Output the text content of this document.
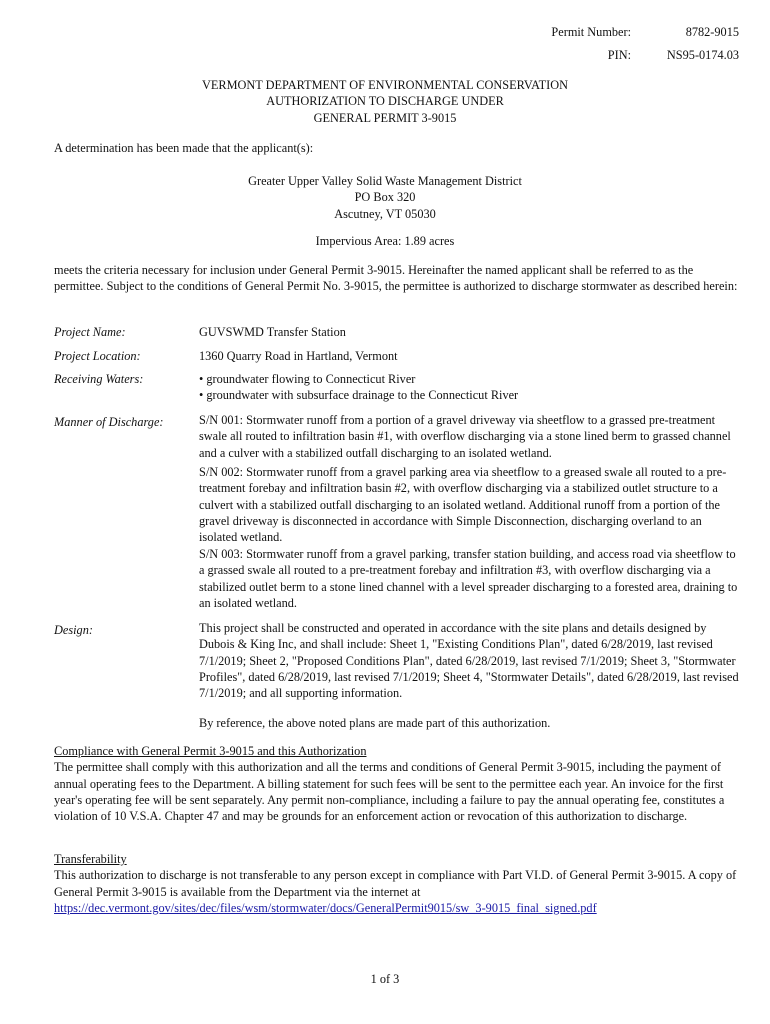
Permit Number:	8782-9015
PIN:	NS95-0174.03
VERMONT DEPARTMENT OF ENVIRONMENTAL CONSERVATION
AUTHORIZATION TO DISCHARGE UNDER
GENERAL PERMIT 3-9015
A determination has been made that the applicant(s):
Greater Upper Valley Solid Waste Management District
PO Box 320
Ascutney, VT 05030
Impervious Area: 1.89 acres
meets the criteria necessary for inclusion under General Permit 3-9015. Hereinafter the named applicant shall be referred to as the permittee. Subject to the conditions of General Permit No. 3-9015, the permittee is authorized to discharge stormwater as described herein:
Project Name:	GUVSWMD Transfer Station
Project Location:	1360 Quarry Road in Hartland, Vermont
Receiving Waters:	• groundwater flowing to Connecticut River
• groundwater with subsurface drainage to the Connecticut River
Manner of Discharge:	S/N 001: Stormwater runoff from a portion of a gravel driveway via sheetflow to a grassed pre-treatment swale all routed to infiltration basin #1, with overflow discharging via a stone lined berm to grassed channel and a culver with a stabilized outfall discharging to an isolated wetland.
S/N 002: Stormwater runoff from a gravel parking area via sheetflow to a greased swale all routed to a pre-treatment forebay and infiltration basin #2, with overflow discharging via a stabilized outlet structure to a culvert with a stabilized outfall discharging to an isolated wetland. Additional runoff from a portion of the gravel driveway is disconnected in accordance with Simple Disconnection, discharging overland to an isolated wetland.
S/N 003: Stormwater runoff from a gravel parking, transfer station building, and access road via sheetflow to a grassed swale all routed to a pre-treatment forebay and infiltration #3, with overflow discharging via a stabilized outlet berm to a stone lined channel with a level spreader discharging to a forested area, draining to an isolated wetland.
Design:	This project shall be constructed and operated in accordance with the site plans and details designed by Dubois & King Inc, and shall include: Sheet 1, "Existing Conditions Plan", dated 6/28/2019, last revised 7/1/2019; Sheet 2, "Proposed Conditions Plan", dated 6/28/2019, last revised 7/1/2019; Sheet 3, "Stormwater Profiles", dated 6/28/2019, last revised 7/1/2019; Sheet 4, "Stormwater Details", dated 6/28/2019, last revised 7/1/2019; and all supporting information.
By reference, the above noted plans are made part of this authorization.
Compliance with General Permit 3-9015 and this Authorization
The permittee shall comply with this authorization and all the terms and conditions of General Permit 3-9015, including the payment of annual operating fees to the Department. A billing statement for such fees will be sent to the permittee each year. An invoice for the first year's operating fee will be sent separately. Any permit non-compliance, including a failure to pay the annual operating fee, constitutes a violation of 10 V.S.A. Chapter 47 and may be grounds for an enforcement action or revocation of this authorization to discharge.
Transferability
This authorization to discharge is not transferable to any person except in compliance with Part VI.D. of General Permit 3-9015. A copy of General Permit 3-9015 is available from the Department via the internet at
https://dec.vermont.gov/sites/dec/files/wsm/stormwater/docs/GeneralPermit9015/sw_3-9015_final_signed.pdf
1 of 3
